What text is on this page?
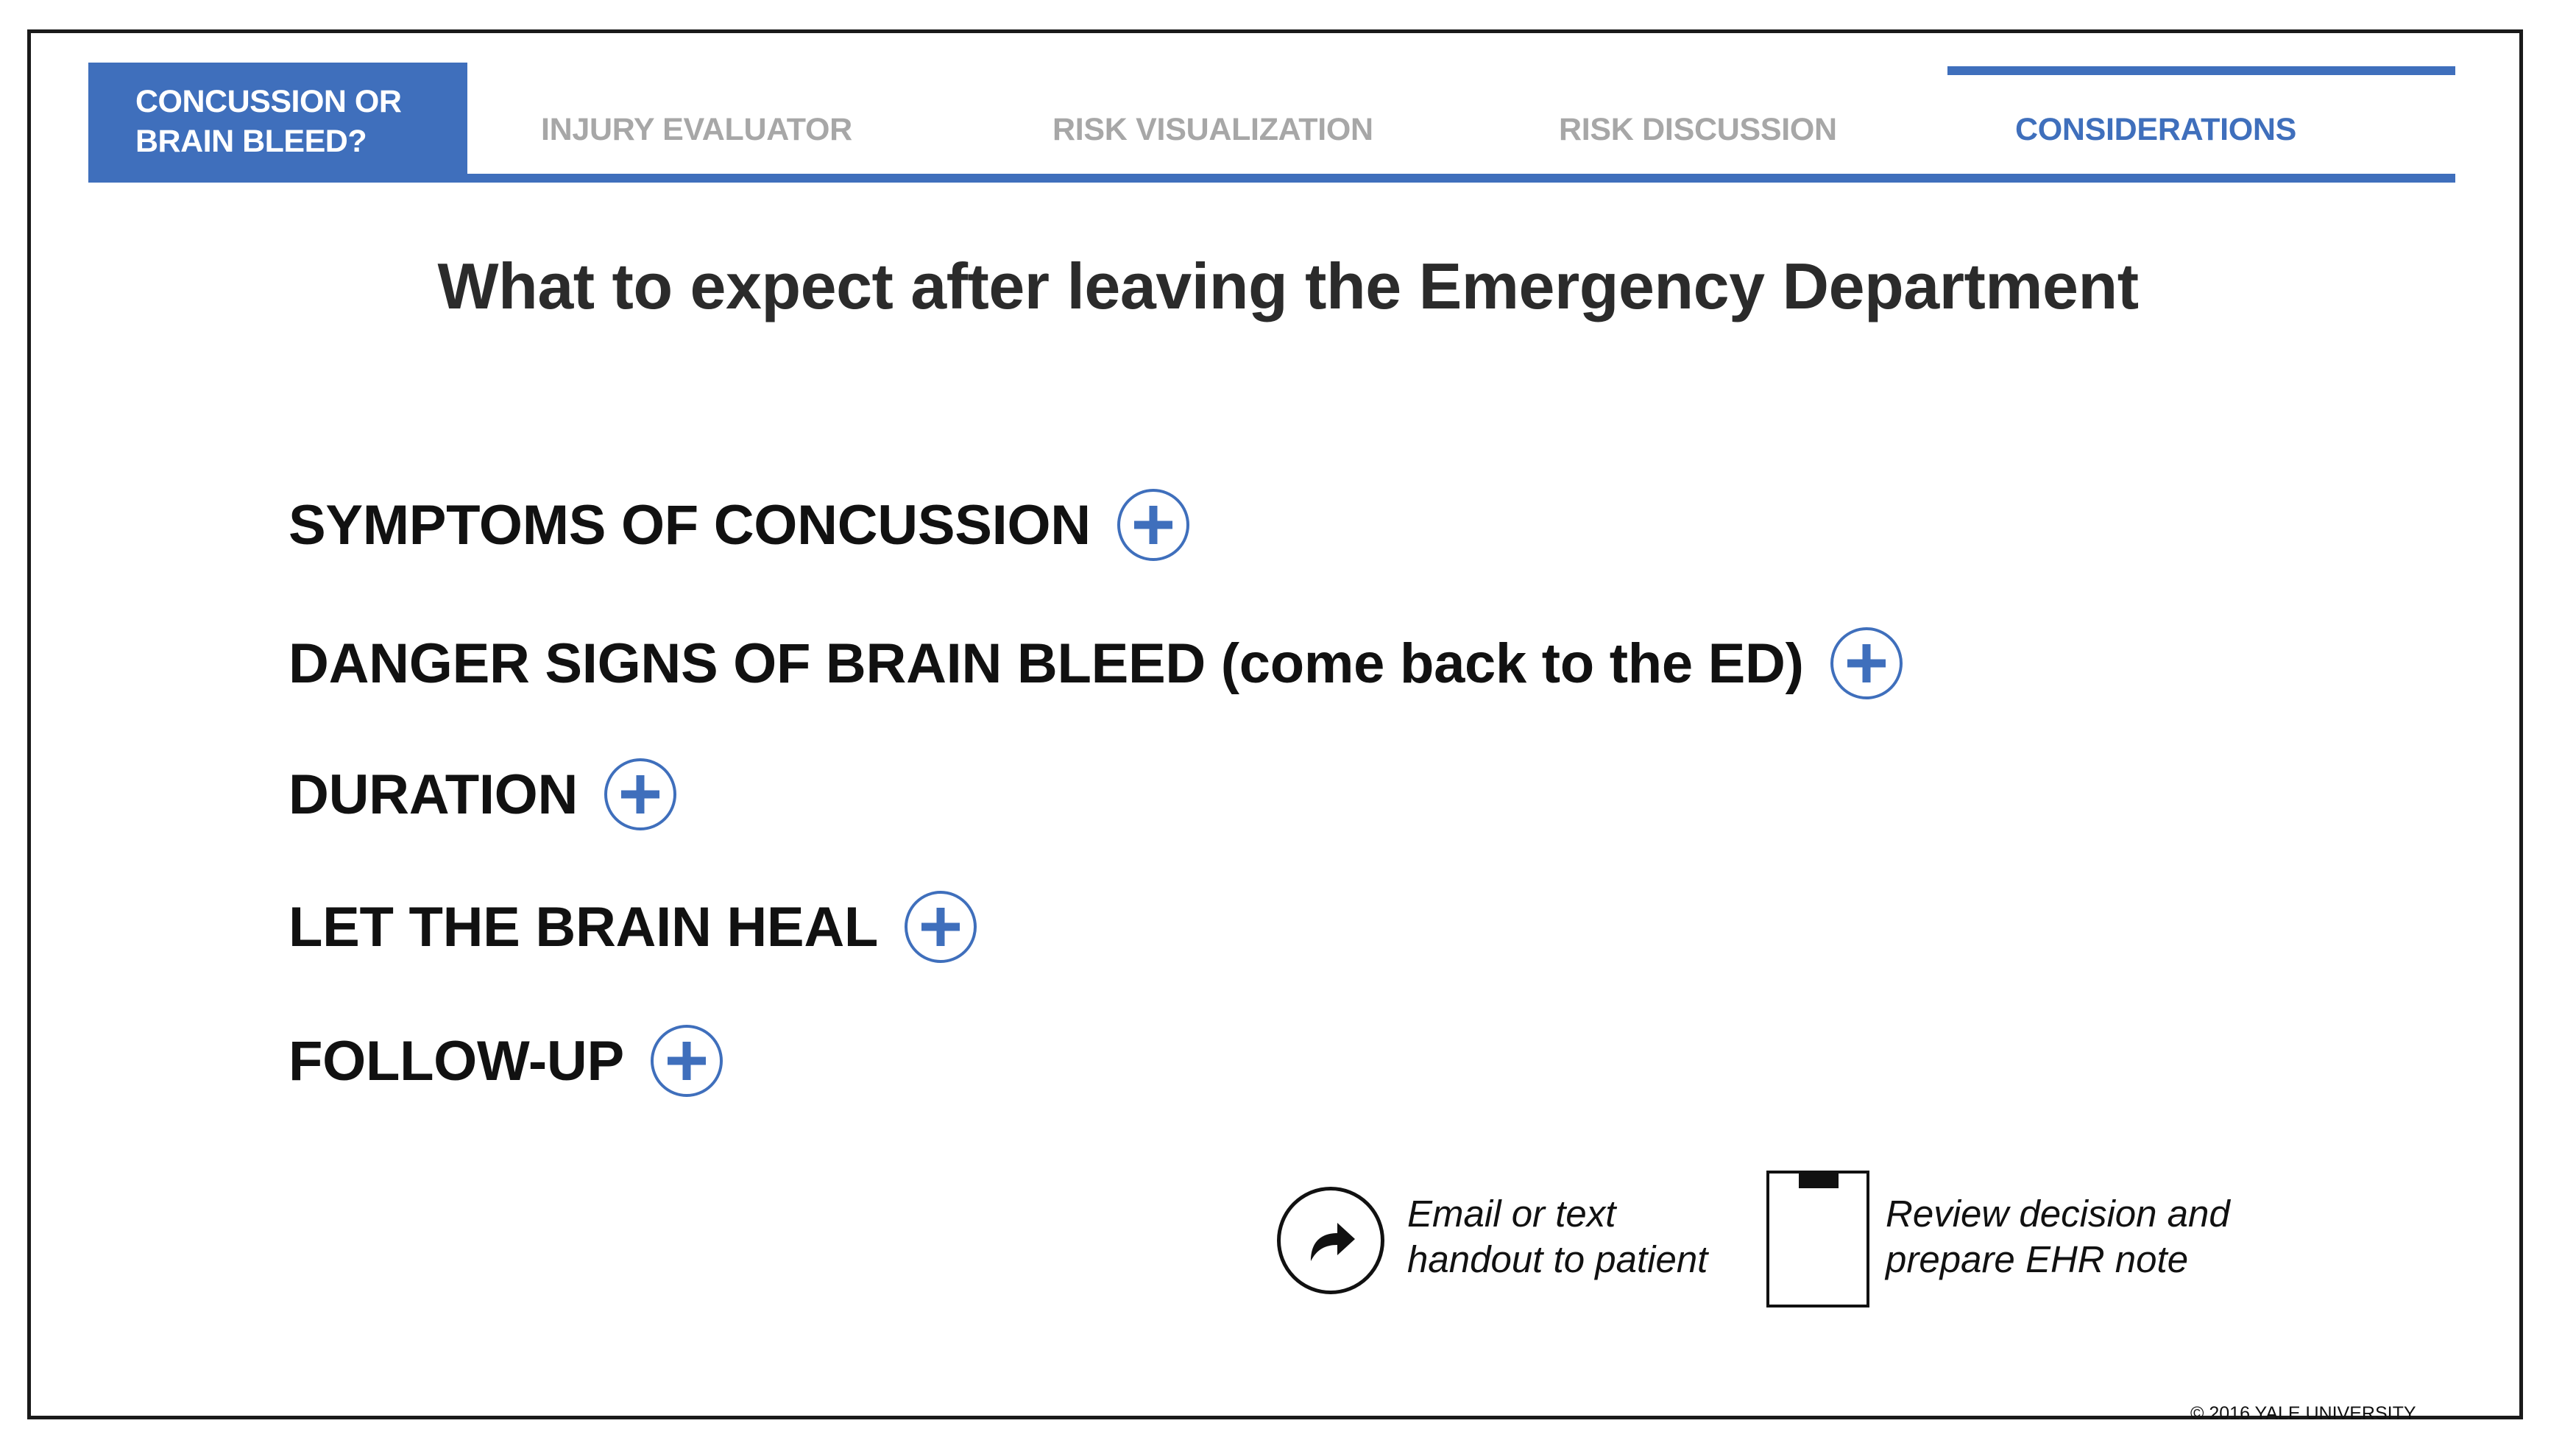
CONCUSSION OR
BRAIN BLEED?	INJURY EVALUATOR	RISK VISUALIZATION	RISK DISCUSSION	CONSIDERATIONS
What to expect after leaving the Emergency Department
SYMPTOMS OF CONCUSSION
DANGER SIGNS OF BRAIN BLEED (come back to the ED)
DURATION
LET THE BRAIN HEAL
FOLLOW-UP
Email or text
handout to patient
Review decision and
prepare EHR note
© 2016 YALE UNIVERSITY
